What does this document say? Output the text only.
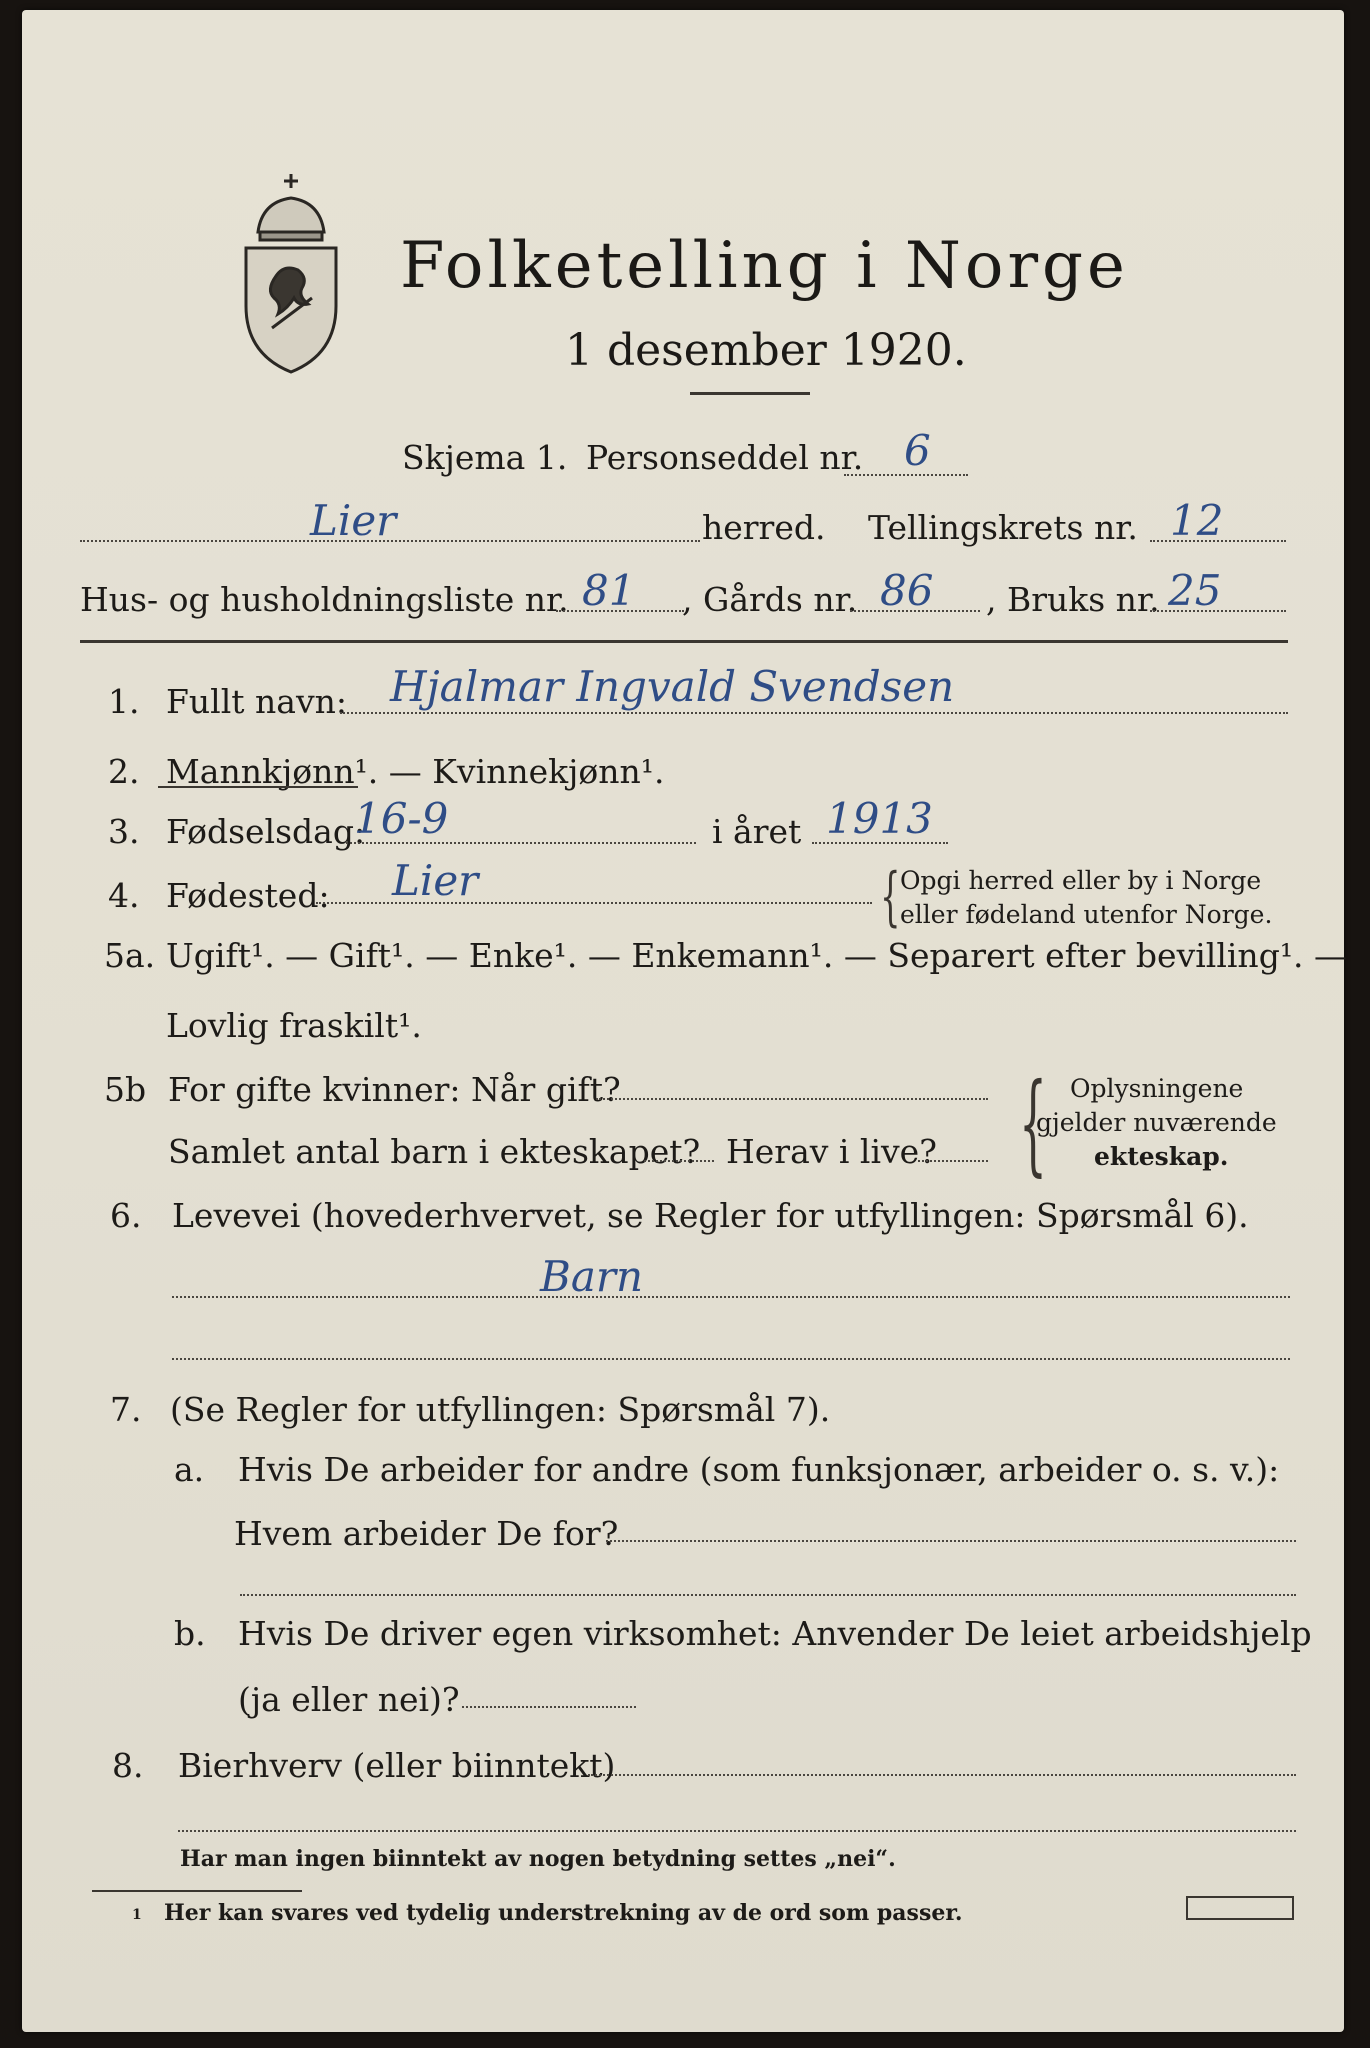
Folketelling i Norge
1 desember 1920.
Skjema 1. Personseddel nr. 6
Lier	herred. Tellingskrets nr. 12
Hus- og husholdningsliste nr. 81 , Gårds nr. 86 , Bruks nr. 25
1. Fullt navn: Hjalmar Ingvald Svendsen
2. Mannkjønn¹. — Kvinnekjønn¹.
3. Fødselsdag:
16-9	i året 1913
4. Fødested: Lier	{ Opgi herred eller by i Norge
eller fødeland utenfor Norge.
5a. Ugift¹. — Gift¹. — Enke¹. — Enkemann¹. — Separert efter bevilling¹. —
Lovlig fraskilt¹.
5b For gifte kvinner: Når gift?
Samlet antal barn i ekteskapet? Herav i live? { Oplysningene
gjelder nuværende
ekteskap.
6. Levevei (hovederhvervet, se Regler for utfyllingen: Spørsmål 6).
Barn
7. (Se Regler for utfyllingen: Spørsmål 7).
a. Hvis De arbeider for andre (som funksjonær, arbeider o. s. v.):
Hvem arbeider De for?
b. Hvis De driver egen virksomhet: Anvender De leiet arbeidshjelp
(ja eller nei)?
8. Bierhverv (eller biinntekt)
Har man ingen biinntekt av nogen betydning settes „nei“.
1 Her kan svares ved tydelig understrekning av de ord som passer.
